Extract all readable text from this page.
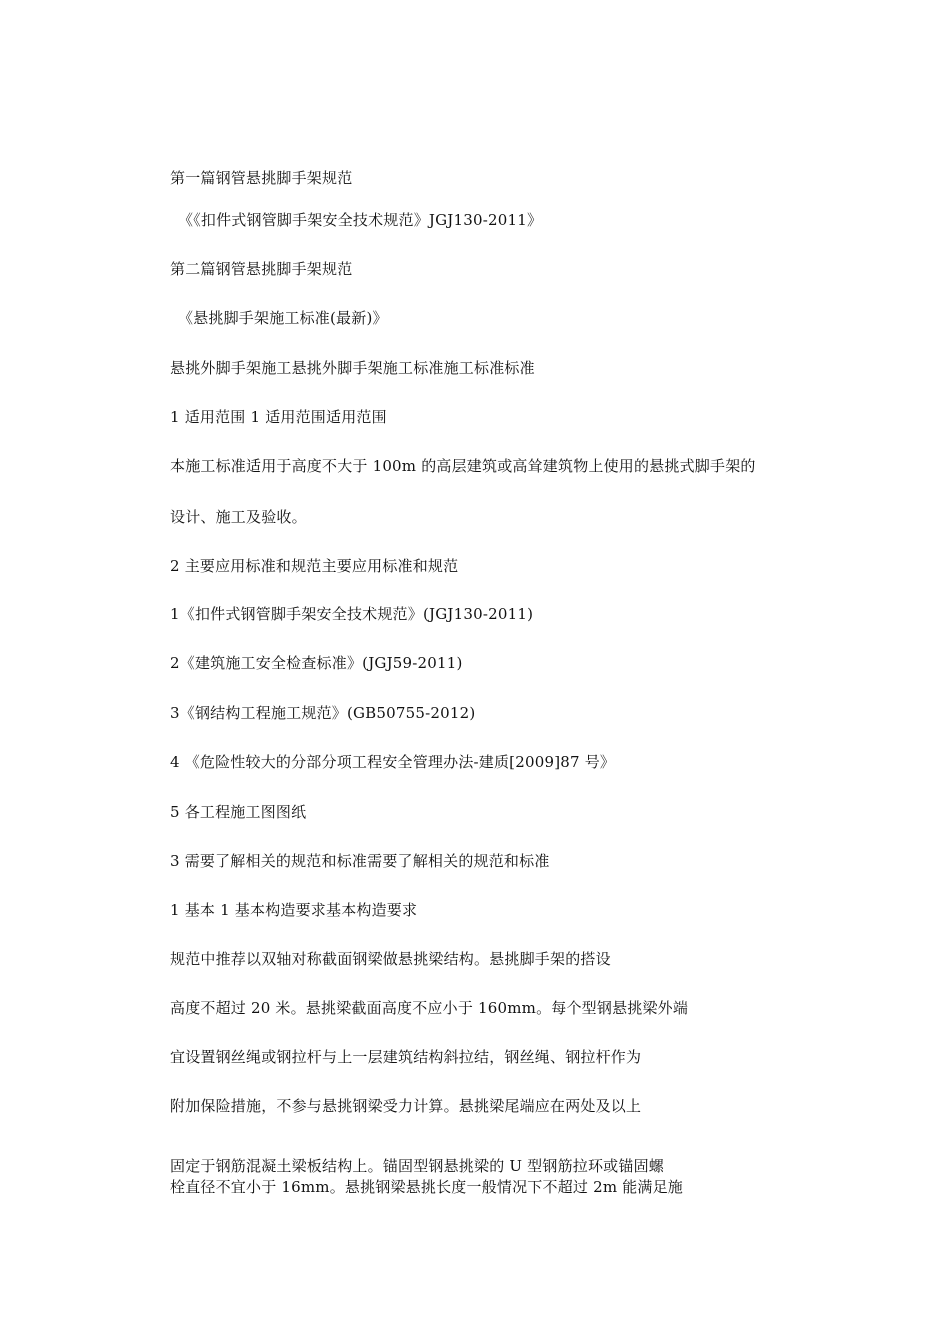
第一篇钢管悬挑脚手架规范
《《扣件式钢管脚手架安全技术规范》JGJ130-2011》
第二篇钢管悬挑脚手架规范
《悬挑脚手架施工标准(最新)》
悬挑外脚手架施工悬挑外脚手架施工标准施工标准标准
1 适用范围 1 适用范围适用范围
本施工标准适用于高度不大于 100m 的高层建筑或高耸建筑物上使用的悬挑式脚手架的
设计、施工及验收。
2 主要应用标准和规范主要应用标准和规范
1《扣件式钢管脚手架安全技术规范》(JGJ130-2011)
2《建筑施工安全检查标准》(JGJ59-2011)
3《钢结构工程施工规范》(GB50755-2012)
4 《危险性较大的分部分项工程安全管理办法-建质[2009]87 号》
5 各工程施工图图纸
3 需要了解相关的规范和标准需要了解相关的规范和标准
1 基本 1 基本构造要求基本构造要求
规范中推荐以双轴对称截面钢梁做悬挑梁结构。悬挑脚手架的搭设
高度不超过 20 米。悬挑梁截面高度不应小于 160mm。每个型钢悬挑梁外端
宜设置钢丝绳或钢拉杆与上一层建筑结构斜拉结，钢丝绳、钢拉杆作为
附加保险措施，不参与悬挑钢梁受力计算。悬挑梁尾端应在两处及以上
固定于钢筋混凝土梁板结构上。锚固型钢悬挑梁的 U 型钢筋拉环或锚固螺
栓直径不宜小于 16mm。悬挑钢梁悬挑长度一般情况下不超过 2m 能满足施
